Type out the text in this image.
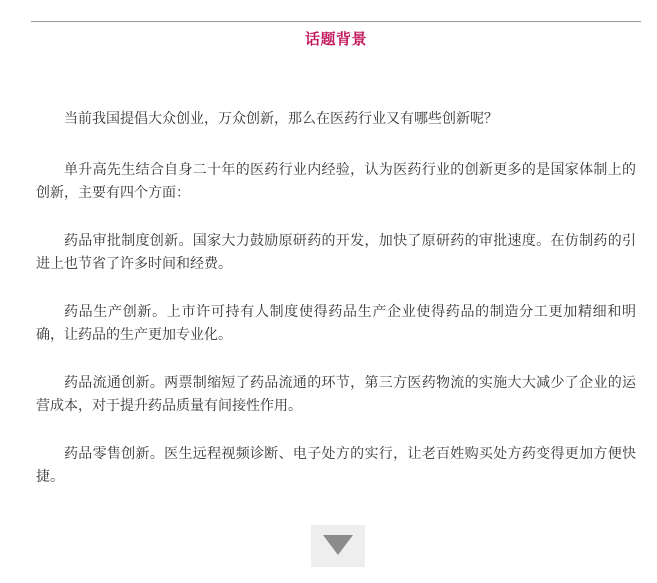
话题背景

当前我国提倡大众创业，万众创新，那么在医药行业又有哪些创新呢？

单升高先生结合自身二十年的医药行业内经验，认为医药行业的创新更多的是国家体制上的创新，主要有四个方面：

药品审批制度创新。国家大力鼓励原研药的开发，加快了原研药的审批速度。在仿制药的引进上也节省了许多时间和经费。

药品生产创新。上市许可持有人制度使得药品生产企业使得药品的制造分工更加精细和明确，让药品的生产更加专业化。

药品流通创新。两票制缩短了药品流通的环节，第三方医药物流的实施大大减少了企业的运营成本，对于提升药品质量有间接性作用。

药品零售创新。医生远程视频诊断、电子处方的实行，让老百姓购买处方药变得更加方便快捷。
